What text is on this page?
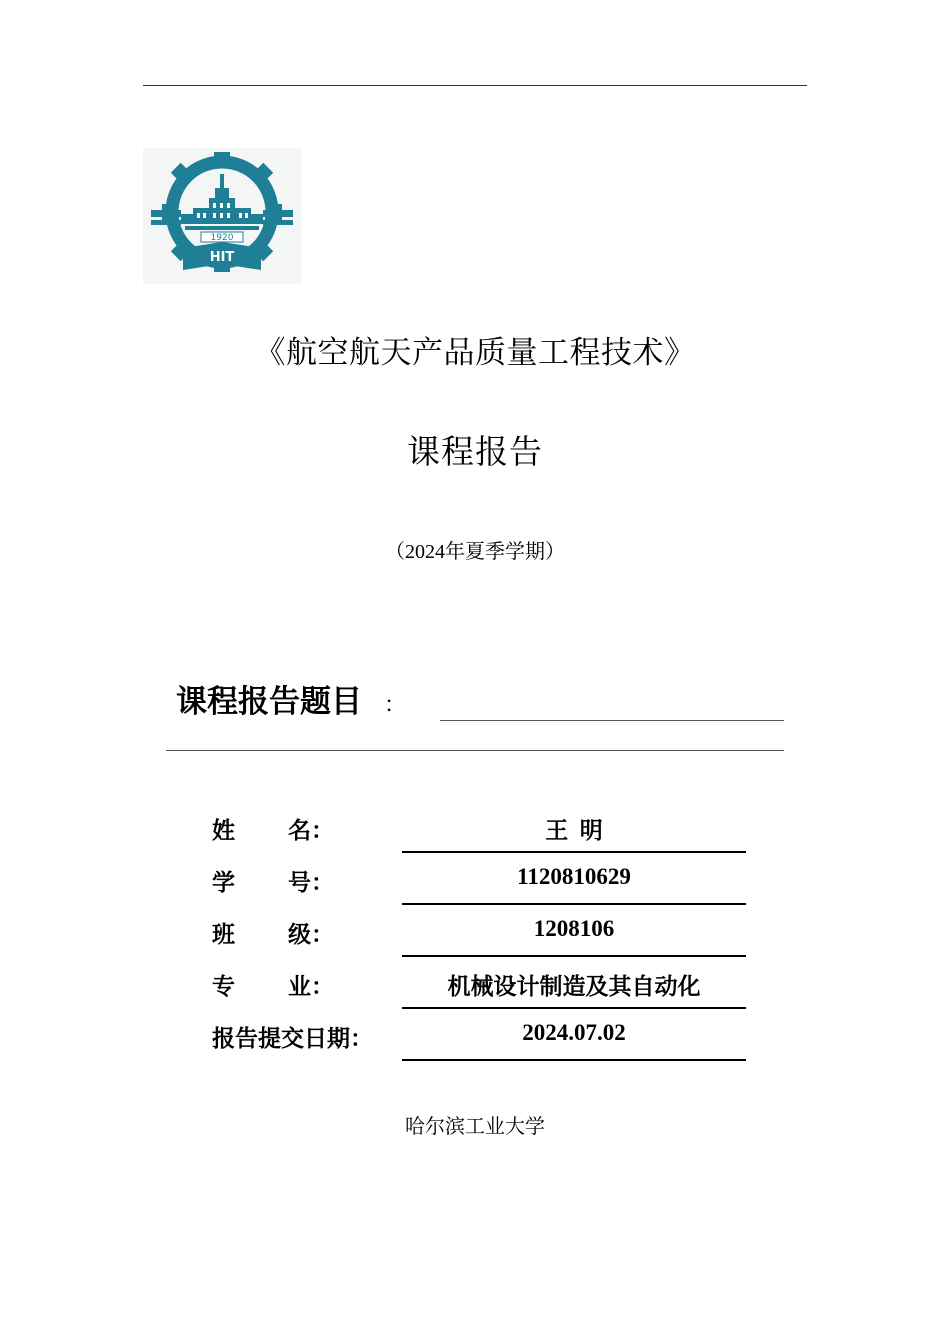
1920
HIT
《航空航天产品质量工程技术》
课程报告
（2024年夏季学期）
课程报告题目 ：
姓 名：	王  明
学 号：	1120810629
班 级：	1208106
专 业：	机械设计制造及其自动化
报告提交日期：	2024.07.02
哈尔滨工业大学
